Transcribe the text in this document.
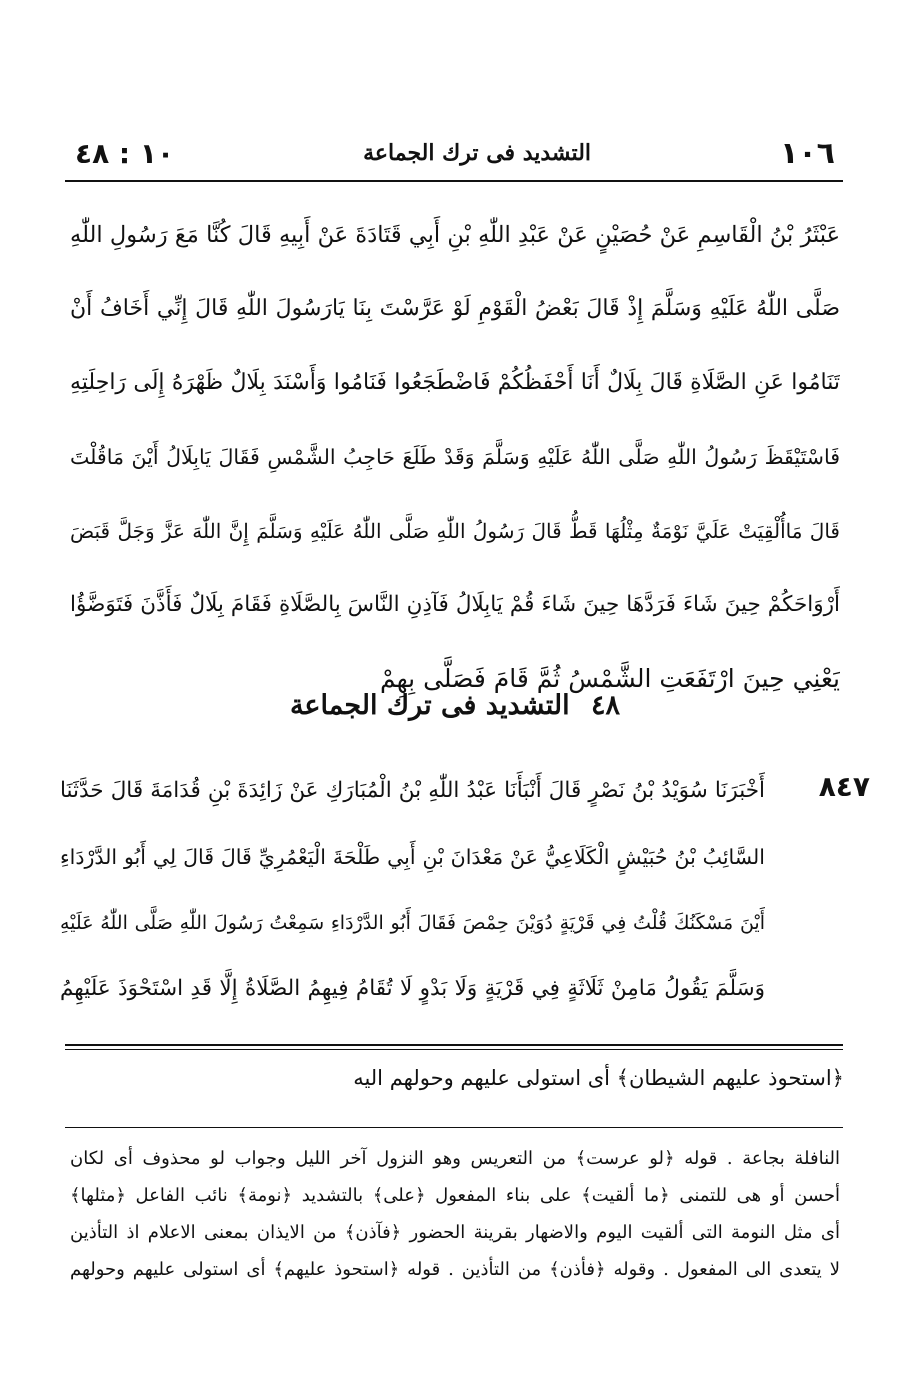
١٠٦
التشديد فى ترك الجماعة
١٠ : ٤٨
عَبْثَرُ بْنُ الْقَاسِمِ عَنْ حُصَيْنٍ عَنْ عَبْدِ اللّٰهِ بْنِ أَبِي قَتَادَةَ عَنْ أَبِيهِ قَالَ كُنَّا مَعَ رَسُولِ اللّٰهِ
صَلَّى اللّٰهُ عَلَيْهِ وَسَلَّمَ إِذْ قَالَ بَعْضُ الْقَوْمِ لَوْ عَرَّسْتَ بِنَا يَارَسُولَ اللّٰهِ قَالَ إِنِّي أَخَافُ أَنْ
تَنَامُوا عَنِ الصَّلَاةِ قَالَ بِلَالٌ أَنَا أَحْفَظُكُمْ فَاضْطَجَعُوا فَنَامُوا وَأَسْنَدَ بِلَالٌ ظَهْرَهُ إِلَى رَاحِلَتِهِ
فَاسْتَيْقَظَ رَسُولُ اللّٰهِ صَلَّى اللّٰهُ عَلَيْهِ وَسَلَّمَ وَقَدْ طَلَعَ حَاجِبُ الشَّمْسِ فَقَالَ يَابِلَالُ أَيْنَ مَاقُلْتَ
قَالَ مَاأُلْقِيَتْ عَلَيَّ نَوْمَةٌ مِثْلُهَا قَطُّ قَالَ رَسُولُ اللّٰهِ صَلَّى اللّٰهُ عَلَيْهِ وَسَلَّمَ إِنَّ اللّٰهَ عَزَّ وَجَلَّ قَبَضَ
أَرْوَاحَكُمْ حِينَ شَاءَ فَرَدَّهَا حِينَ شَاءَ قُمْ يَابِلَالُ فَآذِنِ النَّاسَ بِالصَّلَاةِ فَقَامَ بِلَالٌ فَأَذَّنَ فَتَوَضَّؤُا
يَعْنِي حِينَ ارْتَفَعَتِ الشَّمْسُ ثُمَّ قَامَ فَصَلَّى بِهِمْ
٤٨ التشديد فى ترك الجماعة
٨٤٧
أَخْبَرَنَا سُوَيْدُ بْنُ نَصْرٍ قَالَ أَنْبَأَنَا عَبْدُ اللّٰهِ بْنُ الْمُبَارَكِ عَنْ زَائِدَةَ بْنِ قُدَامَةَ قَالَ حَدَّثَنَا
السَّائِبُ بْنُ حُبَيْشٍ الْكَلَاعِيُّ عَنْ مَعْدَانَ بْنِ أَبِي طَلْحَةَ الْيَعْمُرِيِّ قَالَ قَالَ لِي أَبُو الدَّرْدَاءِ
أَيْنَ مَسْكَنُكَ قُلْتُ فِي قَرْيَةٍ دُوَيْنَ حِمْصَ فَقَالَ أَبُو الدَّرْدَاءِ سَمِعْتُ رَسُولَ اللّٰهِ صَلَّى اللّٰهُ عَلَيْهِ
وَسَلَّمَ يَقُولُ مَامِنْ ثَلَاثَةٍ فِي قَرْيَةٍ وَلَا بَدْوٍ لَا تُقَامُ فِيهِمُ الصَّلَاةُ إِلَّا قَدِ اسْتَحْوَذَ عَلَيْهِمُ
﴿استحوذ عليهم الشيطان﴾ أى استولى عليهم وحولهم اليه
النافلة بجاعة . قوله ﴿لو عرست﴾ من التعريس وهو النزول آخر الليل وجواب لو محذوف أى لكان
أحسن أو هى للتمنى ﴿ما ألقيت﴾ على بناء المفعول ﴿على﴾ بالتشديد ﴿نومة﴾ نائب الفاعل ﴿مثلها﴾
أى مثل النومة التى ألقيت اليوم والاضهار بقرينة الحضور ﴿فآذن﴾ من الايذان بمعنى الاعلام اذ التأذين
لا يتعدى الى المفعول . وقوله ﴿فأذن﴾ من التأذين . قوله ﴿استحوذ عليهم﴾ أى استولى عليهم وحولهم
